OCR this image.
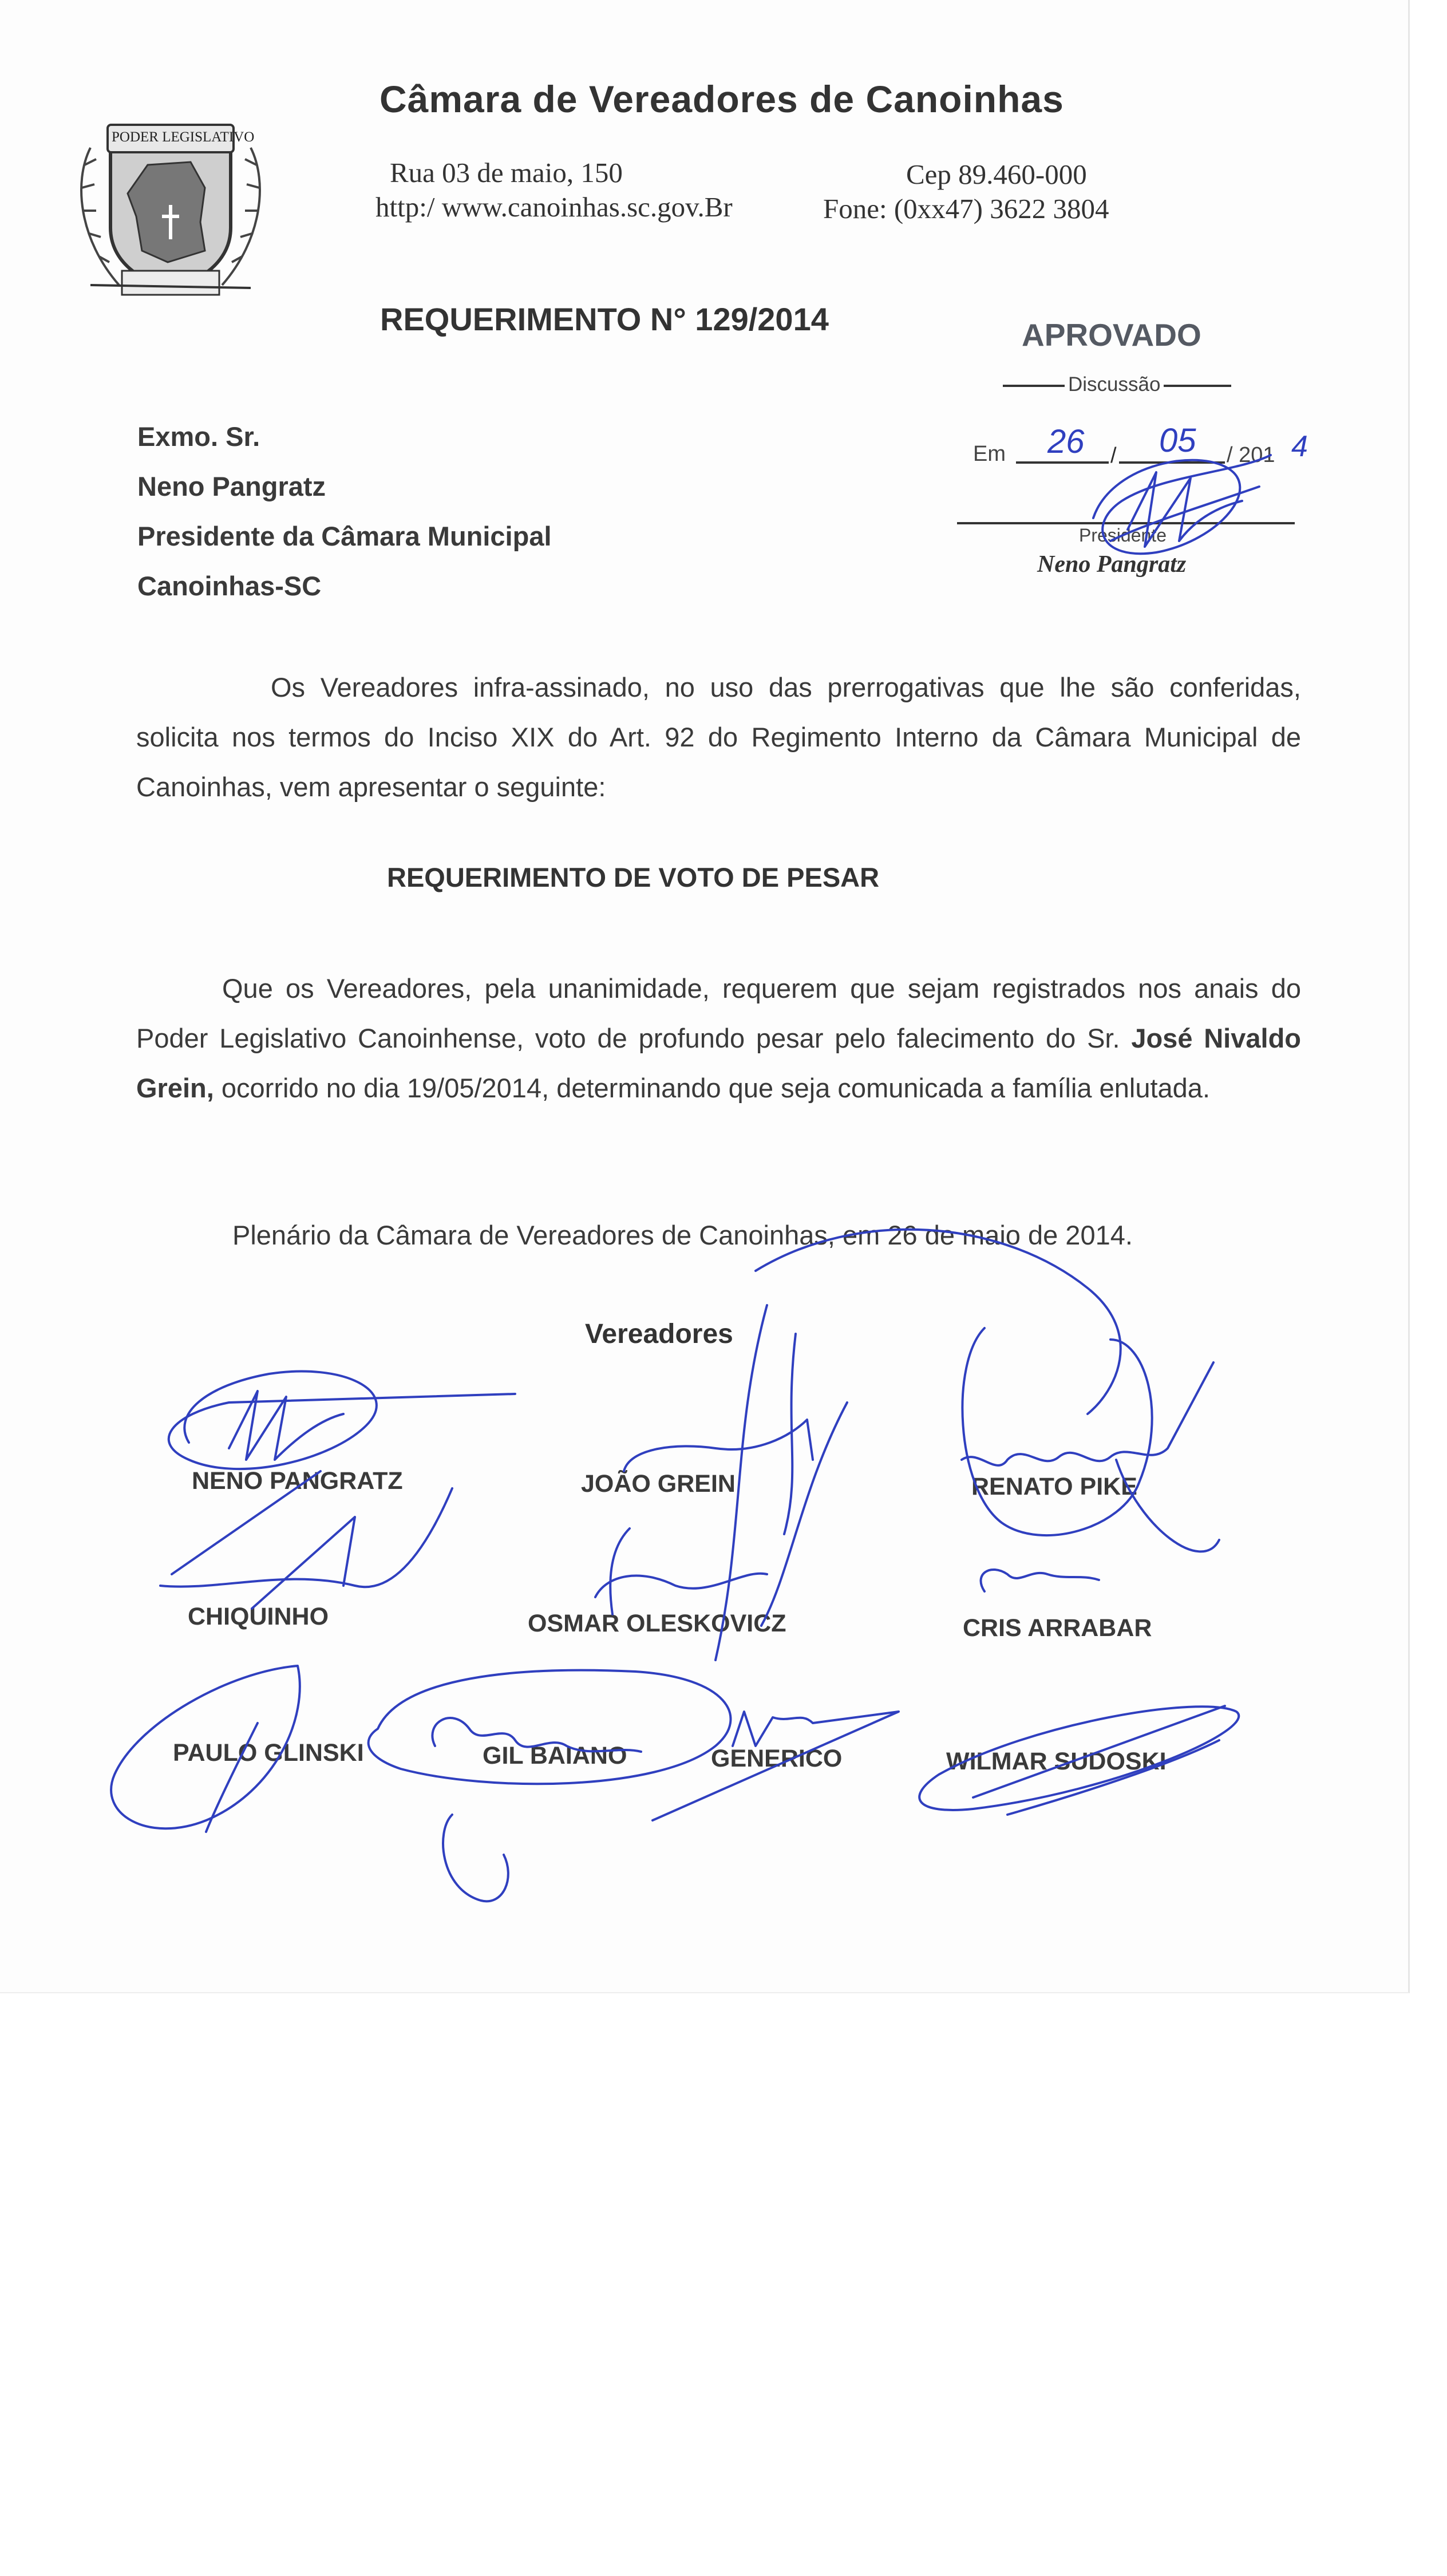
PODER LEGISLATIVO
Câmara de Vereadores de Canoinhas
Rua 03 de maio, 150
http:/ www.canoinhas.sc.gov.Br
Cep 89.460-000
Fone: (0xx47) 3622 3804
REQUERIMENTO N° 129/2014	APROVADO
Discussão
Em 26 / 05 / 201 4
Presidente
Neno Pangratz
Exmo. Sr.
Neno Pangratz
Presidente da Câmara Municipal
Canoinhas-SC
Os Vereadores infra-assinado, no uso das prerrogativas que lhe são conferidas, solicita nos termos do Inciso XIX do Art. 92 do Regimento Interno da Câmara Municipal de Canoinhas, vem apresentar o seguinte:
REQUERIMENTO DE VOTO DE PESAR
Que os Vereadores, pela unanimidade, requerem que sejam registrados nos anais do Poder Legislativo Canoinhense, voto de profundo pesar pelo falecimento do Sr. José Nivaldo Grein, ocorrido no dia 19/05/2014, determinando que seja comunicada a família enlutada.
Plenário da Câmara de Vereadores de Canoinhas, em 26 de maio de 2014.
Vereadores
NENO PANGRATZ	JOÃO GREIN	RENATO PIKE
CHIQUINHO	OSMAR OLESKOVICZ	CRIS ARRABAR
PAULO GLINSKI	GIL BAIANO	GENERICO	WILMAR SUDOSKI
